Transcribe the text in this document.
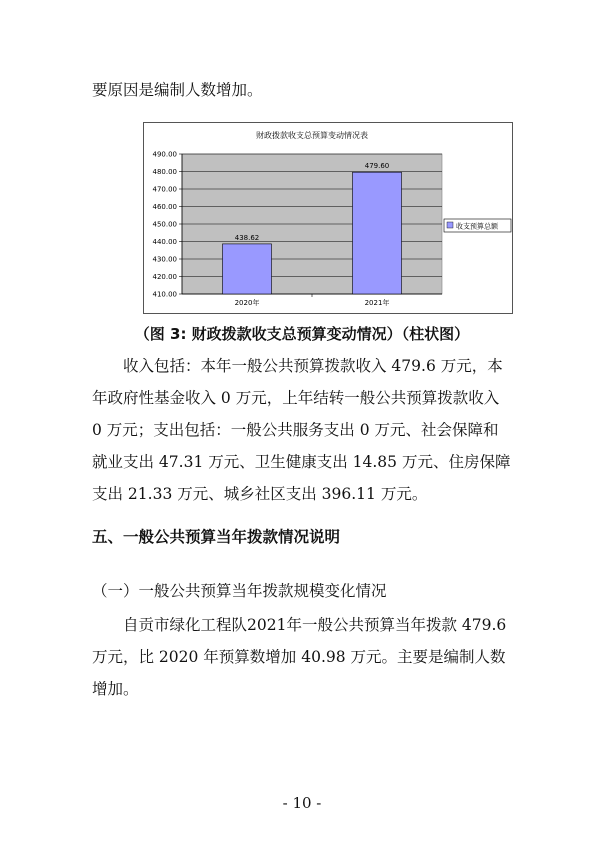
要原因是编制人数增加。

财政拨款收支总预算变动情况表
410.00
420.00
430.00
440.00
450.00
460.00
470.00
480.00
490.00
438.62
2020年
479.60
2021年
收支预算总额
（图 3: 财政拨款收支总预算变动情况）（柱状图）

收入包括：本年一般公共预算拨款收入 479.6 万元，本年政府性基金收入 0 万元，上年结转一般公共预算拨款收入 0 万元；支出包括：一般公共服务支出 0 万元、社会保障和就业支出 47.31 万元、卫生健康支出 14.85 万元、住房保障支出 21.33 万元、城乡社区支出 396.11 万元。

五、一般公共预算当年拨款情况说明

（一）一般公共预算当年拨款规模变化情况

自贡市绿化工程队2021年一般公共预算当年拨款 479.6 万元，比 2020 年预算数增加 40.98 万元。主要是编制人数增加。

- 10 -
